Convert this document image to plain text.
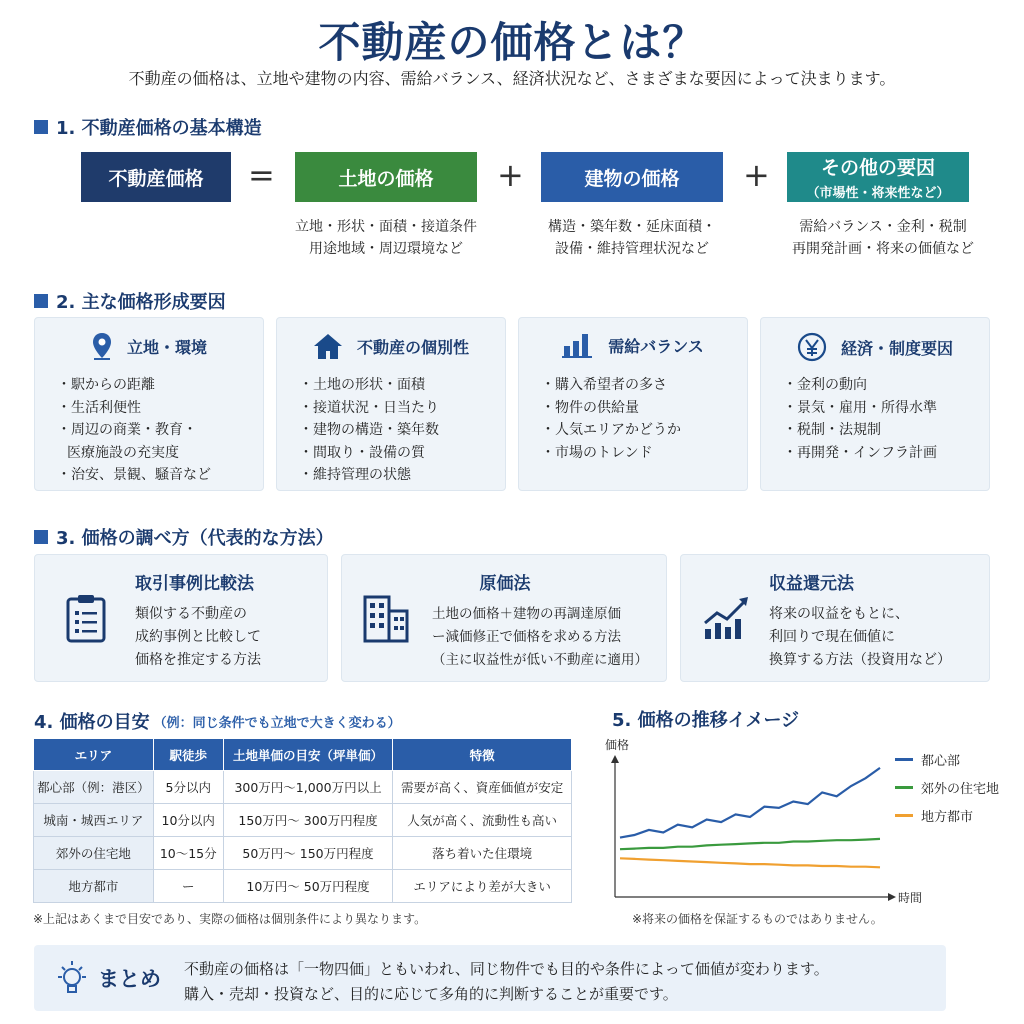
不動産の価格とは？
不動産の価格は、立地や建物の内容、需給バランス、経済状況など、さまざまな要因によって決まります。
1. 不動産価格の基本構造
不動産価格 =	土地の価格 +	建物の価格 +	その他の要因
（市場性・将来性など）
立地・形状・面積・接道条件
用途地域・周辺環境など
構造・築年数・延床面積・
設備・維持管理状況など
需給バランス・金利・税制
再開発計画・将来の価値など
2. 主な価格形成要因
立地・環境
・駅からの距離
・生活利便性
・周辺の商業・教育・
医療施設の充実度
・治安、景観、騒音など
不動産の個別性
・土地の形状・面積
・接道状況・日当たり
・建物の構造・築年数
・間取り・設備の質
・維持管理の状態
需給バランス
・購入希望者の多さ
・物件の供給量
・人気エリアかどうか
・市場のトレンド
経済・制度要因
・金利の動向
・景気・雇用・所得水準
・税制・法規制
・再開発・インフラ計画
3. 価格の調べ方（代表的な方法）
取引事例比較法
類似する不動産の
成約事例と比較して
価格を推定する方法
原価法
土地の価格＋建物の再調達原価
ー減価修正で価格を求める方法
（主に収益性が低い不動産に適用）
収益還元法
将来の収益をもとに、
利回りで現在価値に
換算する方法（投資用など）
4. 価格の目安 （例：同じ条件でも立地で大きく変わる）
エリア	駅徒歩	土地単価の目安（坪単価）	特徴
都心部（例：港区）	5分以内	300万円〜1,000万円以上	需要が高く、資産価値が安定
城南・城西エリア	10分以内	150万円〜 300万円程度	人気が高く、流動性も高い
郊外の住宅地	10〜15分	50万円〜 150万円程度	落ち着いた住環境
地方都市	ー	10万円〜 50万円程度	エリアにより差が大きい
※上記はあくまで目安であり、実際の価格は個別条件により異なります。
5. 価格の推移イメージ
価格
時間
都心部
郊外の住宅地
地方都市
※将来の価格を保証するものではありません。
まとめ 不動産の価格は「一物四価」ともいわれ、同じ物件でも目的や条件によって価値が変わります。
購入・売却・投資など、目的に応じて多角的に判断することが重要です。
